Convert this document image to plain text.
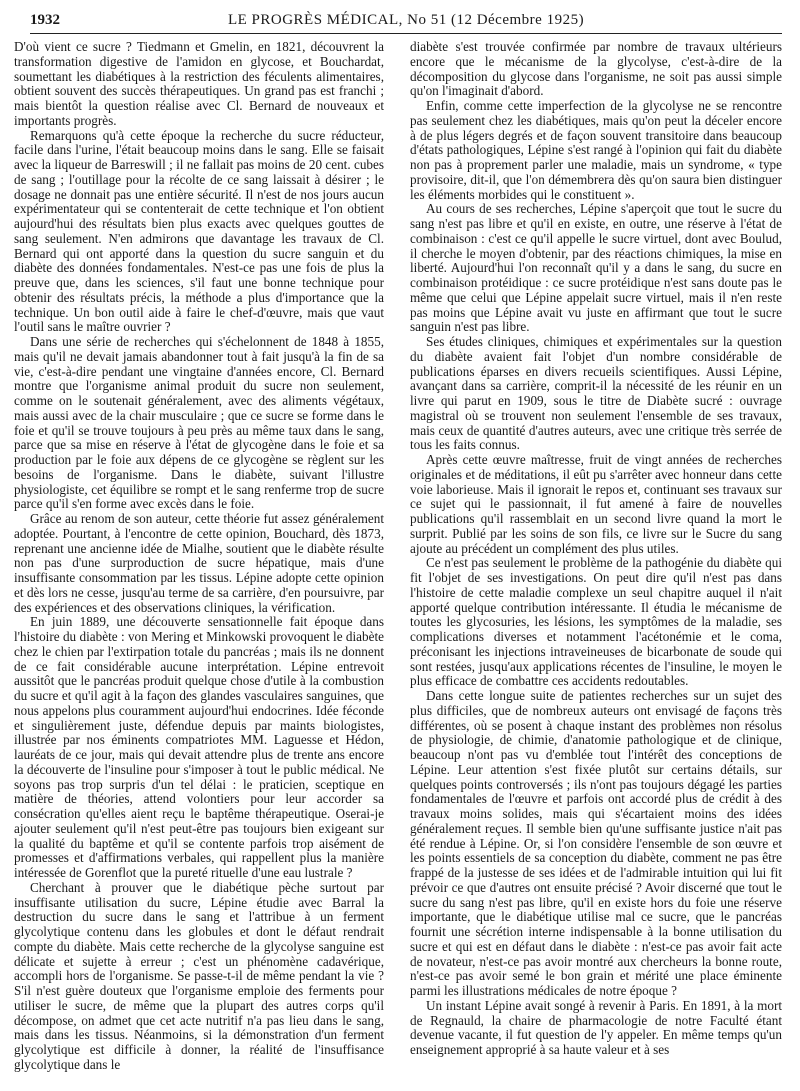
LE PROGRÈS MÉDICAL, No 51 (12 Décembre 1925)
1932

D'où vient ce sucre ? Tiedmann et Gmelin, en 1821, découvrent la transformation digestive de l'amidon en glycose, et Bouchardat, soumettant les diabétiques à la restriction des féculents alimentaires, obtient souvent des succès thérapeutiques. Un grand pas est franchi ; mais bientôt la question réalise avec Cl. Bernard de nouveaux et importants progrès.

Remarquons qu'à cette époque la recherche du sucre réducteur, facile dans l'urine, l'était beaucoup moins dans le sang. Elle se faisait avec la liqueur de Barreswill ; il ne fallait pas moins de 20 cent. cubes de sang ; l'outillage pour la récolte de ce sang laissait à désirer ; le dosage ne donnait pas une entière sécurité. Il n'est de nos jours aucun expérimentateur qui se contenterait de cette technique et l'on obtient aujourd'hui des résultats bien plus exacts avec quelques gouttes de sang seulement. N'en admirons que davantage les travaux de Cl. Bernard qui ont apporté dans la question du sucre sanguin et du diabète des données fondamentales. N'est-ce pas une fois de plus la preuve que, dans les sciences, s'il faut une bonne technique pour obtenir des résultats précis, la méthode a plus d'importance que la technique. Un bon outil aide à faire le chef-d'œuvre, mais que vaut l'outil sans le maître ouvrier ?

Dans une série de recherches qui s'échelonnent de 1848 à 1855, mais qu'il ne devait jamais abandonner tout à fait jusqu'à la fin de sa vie, c'est-à-dire pendant une vingtaine d'années encore, Cl. Bernard montre que l'organisme animal produit du sucre non seulement, comme on le soutenait généralement, avec des aliments végétaux, mais aussi avec de la chair musculaire ; que ce sucre se forme dans le foie et qu'il se trouve toujours à peu près au même taux dans le sang, parce que sa mise en réserve à l'état de glycogène dans le foie et sa production par le foie aux dépens de ce glycogène se règlent sur les besoins de l'organisme. Dans le diabète, suivant l'illustre physiologiste, cet équilibre se rompt et le sang renferme trop de sucre parce qu'il s'en forme avec excès dans le foie.

Grâce au renom de son auteur, cette théorie fut assez généralement adoptée. Pourtant, à l'encontre de cette opinion, Bouchard, dès 1873, reprenant une ancienne idée de Mialhe, soutient que le diabète résulte non pas d'une surproduction de sucre hépatique, mais d'une insuffisante consommation par les tissus. Lépine adopte cette opinion et dès lors ne cesse, jusqu'au terme de sa carrière, d'en poursuivre, par des expériences et des observations cliniques, la vérification.

En juin 1889, une découverte sensationnelle fait époque dans l'histoire du diabète : von Mering et Minkowski provoquent le diabète chez le chien par l'extirpation totale du pancréas ; mais ils ne donnent de ce fait considérable aucune interprétation. Lépine entrevoit aussitôt que le pancréas produit quelque chose d'utile à la combustion du sucre et qu'il agit à la façon des glandes vasculaires sanguines, que nous appelons plus couramment aujourd'hui endocrines. Idée féconde et singulièrement juste, défendue depuis par maints biologistes, illustrée par nos éminents compatriotes MM. Laguesse et Hédon, lauréats de ce jour, mais qui devait attendre plus de trente ans encore la découverte de l'insuline pour s'imposer à tout le public médical. Ne soyons pas trop surpris d'un tel délai : le praticien, sceptique en matière de théories, attend volontiers pour leur accorder sa consécration qu'elles aient reçu le baptême thérapeutique. Oserai-je ajouter seulement qu'il n'est peut-être pas toujours bien exigeant sur la qualité du baptême et qu'il se contente parfois trop aisément de promesses et d'affirmations verbales, qui rappellent plus la manière intéressée de Gorenflot que la pureté rituelle d'une eau lustrale ?

Cherchant à prouver que le diabétique pèche surtout par insuffisante utilisation du sucre, Lépine étudie avec Barral la destruction du sucre dans le sang et l'attribue à un ferment glycolytique contenu dans les globules et dont le défaut rendrait compte du diabète. Mais cette recherche de la glycolyse sanguine est délicate et sujette à erreur ; c'est un phénomène cadavérique, accompli hors de l'organisme. Se passe-t-il de même pendant la vie ? S'il n'est guère douteux que l'organisme emploie des ferments pour utiliser le sucre, de même que la plupart des autres corps qu'il décompose, on admet que cet acte nutritif n'a pas lieu dans le sang, mais dans les tissus. Néanmoins, si la démonstration d'un ferment glycolytique est difficile à donner, la réalité de l'insuffisance glycolytique dans le

diabète s'est trouvée confirmée par nombre de travaux ultérieurs encore que le mécanisme de la glycolyse, c'est-à-dire de la décomposition du glycose dans l'organisme, ne soit pas aussi simple qu'on l'imaginait d'abord.

Enfin, comme cette imperfection de la glycolyse ne se rencontre pas seulement chez les diabétiques, mais qu'on peut la déceler encore à de plus légers degrés et de façon souvent transitoire dans beaucoup d'états pathologiques, Lépine s'est rangé à l'opinion qui fait du diabète non pas à proprement parler une maladie, mais un syndrome, « type provisoire, dit-il, que l'on démembrera dès qu'on saura bien distinguer les éléments morbides qui le constituent ».

Au cours de ses recherches, Lépine s'aperçoit que tout le sucre du sang n'est pas libre et qu'il en existe, en outre, une réserve à l'état de combinaison : c'est ce qu'il appelle le sucre virtuel, dont avec Boulud, il cherche le moyen d'obtenir, par des réactions chimiques, la mise en liberté. Aujourd'hui l'on reconnaît qu'il y a dans le sang, du sucre en combinaison protéidique : ce sucre protéidique n'est sans doute pas le même que celui que Lépine appelait sucre virtuel, mais il n'en reste pas moins que Lépine avait vu juste en affirmant que tout le sucre sanguin n'est pas libre.

Ses études cliniques, chimiques et expérimentales sur la question du diabète avaient fait l'objet d'un nombre considérable de publications éparses en divers recueils scientifiques. Aussi Lépine, avançant dans sa carrière, comprit-il la nécessité de les réunir en un livre qui parut en 1909, sous le titre de Diabète sucré : ouvrage magistral où se trouvent non seulement l'ensemble de ses travaux, mais ceux de quantité d'autres auteurs, avec une critique très serrée de tous les faits connus.

Après cette œuvre maîtresse, fruit de vingt années de recherches originales et de méditations, il eût pu s'arrêter avec honneur dans cette voie laborieuse. Mais il ignorait le repos et, continuant ses travaux sur ce sujet qui le passionnait, il fut amené à faire de nouvelles publications qu'il rassemblait en un second livre quand la mort le surprit. Publié par les soins de son fils, ce livre sur le Sucre du sang ajoute au précédent un complément des plus utiles.

Ce n'est pas seulement le problème de la pathogénie du diabète qui fit l'objet de ses investigations. On peut dire qu'il n'est pas dans l'histoire de cette maladie complexe un seul chapitre auquel il n'ait apporté quelque contribution intéressante. Il étudia le mécanisme de toutes les glycosuries, les lésions, les symptômes de la maladie, ses complications diverses et notamment l'acétonémie et le coma, préconisant les injections intraveineuses de bicarbonate de soude qui sont restées, jusqu'aux applications récentes de l'insuline, le moyen le plus efficace de combattre ces accidents redoutables.

Dans cette longue suite de patientes recherches sur un sujet des plus difficiles, que de nombreux auteurs ont envisagé de façons très différentes, où se posent à chaque instant des problèmes non résolus de physiologie, de chimie, d'anatomie pathologique et de clinique, beaucoup n'ont pas vu d'emblée tout l'intérêt des conceptions de Lépine. Leur attention s'est fixée plutôt sur certains détails, sur quelques points controversés ; ils n'ont pas toujours dégagé les parties fondamentales de l'œuvre et parfois ont accordé plus de crédit à des travaux moins solides, mais qui s'écartaient moins des idées généralement reçues. Il semble bien qu'une suffisante justice n'ait pas été rendue à Lépine. Or, si l'on considère l'ensemble de son œuvre et les points essentiels de sa conception du diabète, comment ne pas être frappé de la justesse de ses idées et de l'admirable intuition qui lui fit prévoir ce que d'autres ont ensuite précisé ? Avoir discerné que tout le sucre du sang n'est pas libre, qu'il en existe hors du foie une réserve importante, que le diabétique utilise mal ce sucre, que le pancréas fournit une sécrétion interne indispensable à la bonne utilisation du sucre et qui est en défaut dans le diabète : n'est-ce pas avoir fait acte de novateur, n'est-ce pas avoir montré aux chercheurs la bonne route, n'est-ce pas avoir semé le bon grain et mérité une place éminente parmi les illustrations médicales de notre époque ?

Un instant Lépine avait songé à revenir à Paris. En 1891, à la mort de Regnauld, la chaire de pharmacologie de notre Faculté étant devenue vacante, il fut question de l'y appeler. En même temps qu'un enseignement approprié à sa haute valeur et à ses
